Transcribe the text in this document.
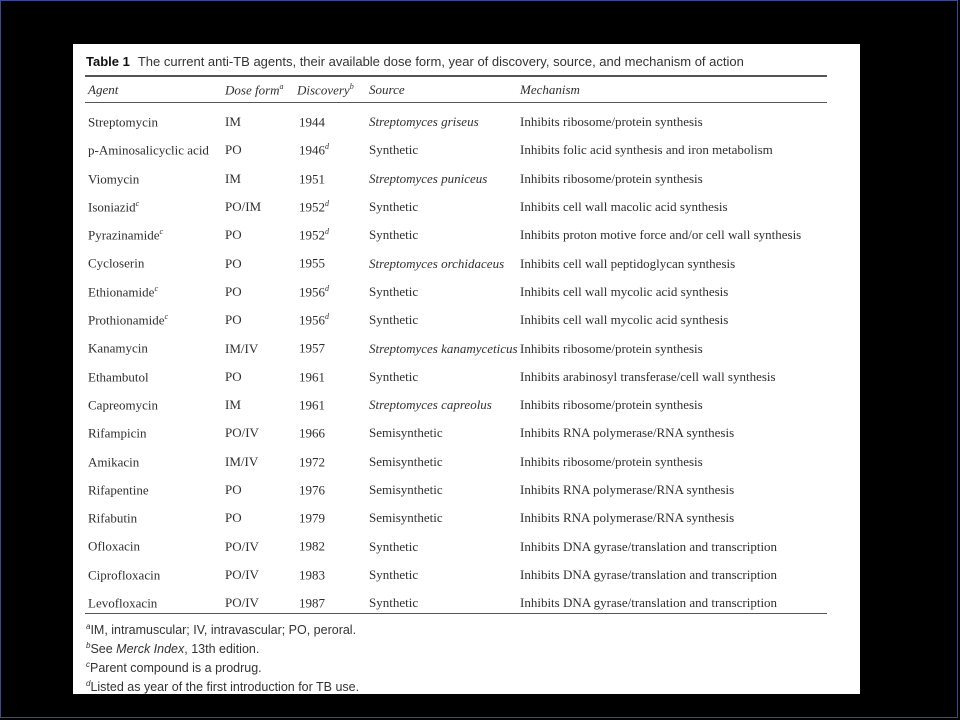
Table 1 The current anti-TB agents, their available dose form, year of discovery, source, and mechanism of action
Agent	Dose form$^a$	Discovery$^b$	Source	Mechanism
Streptomycin	IM	1944	Streptomyces griseus	Inhibits ribosome/protein synthesis
p-Aminosalicyclic acid	PO	1946$^d$	Synthetic	Inhibits folic acid synthesis and iron metabolism
Viomycin	IM	1951	Streptomyces puniceus	Inhibits ribosome/protein synthesis
Isoniazid$^c$	PO/IM	1952$^d$	Synthetic	Inhibits cell wall macolic acid synthesis
Pyrazinamide$^c$	PO	1952$^d$	Synthetic	Inhibits proton motive force and/or cell wall synthesis
Cycloserin	PO	1955	Streptomyces orchidaceus	Inhibits cell wall peptidoglycan synthesis
Ethionamide$^c$	PO	1956$^d$	Synthetic	Inhibits cell wall mycolic acid synthesis
Prothionamide$^c$	PO	1956$^d$	Synthetic	Inhibits cell wall mycolic acid synthesis
Kanamycin	IM/IV	1957	Streptomyces kanamyceticus	Inhibits ribosome/protein synthesis
Ethambutol	PO	1961	Synthetic	Inhibits arabinosyl transferase/cell wall synthesis
Capreomycin	IM	1961	Streptomyces capreolus	Inhibits ribosome/protein synthesis
Rifampicin	PO/IV	1966	Semisynthetic	Inhibits RNA polymerase/RNA synthesis
Amikacin	IM/IV	1972	Semisynthetic	Inhibits ribosome/protein synthesis
Rifapentine	PO	1976	Semisynthetic	Inhibits RNA polymerase/RNA synthesis
Rifabutin	PO	1979	Semisynthetic	Inhibits RNA polymerase/RNA synthesis
Ofloxacin	PO/IV	1982	Synthetic	Inhibits DNA gyrase/translation and transcription
Ciprofloxacin	PO/IV	1983	Synthetic	Inhibits DNA gyrase/translation and transcription
Levofloxacin	PO/IV	1987	Synthetic	Inhibits DNA gyrase/translation and transcription
$^a$IM, intramuscular; IV, intravascular; PO, peroral.
$^b$See Merck Index, 13th edition.
$^c$Parent compound is a prodrug.
$^d$Listed as year of the first introduction for TB use.
